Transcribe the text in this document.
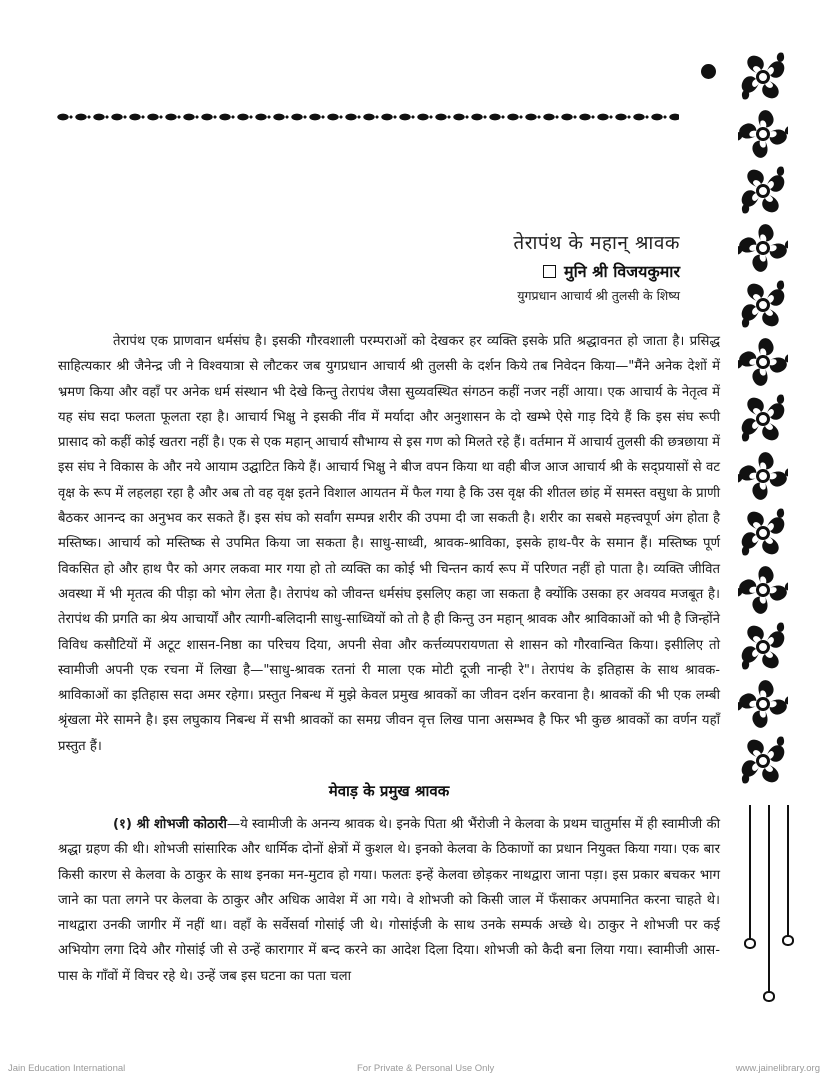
तेरापंथ के महान् श्रावक
मुनि श्री विजयकुमार
युगप्रधान आचार्य श्री तुलसी के शिष्य

तेरापंथ एक प्राणवान धर्मसंघ है। इसकी गौरवशाली परम्पराओं को देखकर हर व्यक्ति इसके प्रति श्रद्धावनत हो जाता है। प्रसिद्ध साहित्यकार श्री जैनेन्द्र जी ने विश्वयात्रा से लौटकर जब युगप्रधान आचार्य श्री तुलसी के दर्शन किये तब निवेदन किया—"मैंने अनेक देशों में भ्रमण किया और वहाँ पर अनेक धर्म संस्थान भी देखे किन्तु तेरापंथ जैसा सुव्यवस्थित संगठन कहीं नजर नहीं आया। एक आचार्य के नेतृत्व में यह संघ सदा फलता फूलता रहा है। आचार्य भिक्षु ने इसकी नींव में मर्यादा और अनुशासन के दो खम्भे ऐसे गाड़ दिये हैं कि इस संघ रूपी प्रासाद को कहीं कोई खतरा नहीं है। एक से एक महान् आचार्य सौभाग्य से इस गण को मिलते रहे हैं। वर्तमान में आचार्य तुलसी की छत्रछाया में इस संघ ने विकास के और नये आयाम उद्घाटित किये हैं। आचार्य भिक्षु ने बीज वपन किया था वही बीज आज आचार्य श्री के सद्प्रयासों से वट वृक्ष के रूप में लहलहा रहा है और अब तो वह वृक्ष इतने विशाल आयतन में फैल गया है कि उस वृक्ष की शीतल छांह में समस्त वसुधा के प्राणी बैठकर आनन्द का अनुभव कर सकते हैं। इस संघ को सर्वांग सम्पन्न शरीर की उपमा दी जा सकती है। शरीर का सबसे महत्त्वपूर्ण अंग होता है मस्तिष्क। आचार्य को मस्तिष्क से उपमित किया जा सकता है। साधु-साध्वी, श्रावक-श्राविका, इसके हाथ-पैर के समान हैं। मस्तिष्क पूर्ण विकसित हो और हाथ पैर को अगर लकवा मार गया हो तो व्यक्ति का कोई भी चिन्तन कार्य रूप में परिणत नहीं हो पाता है। व्यक्ति जीवित अवस्था में भी मृतत्व की पीड़ा को भोग लेता है। तेरापंथ को जीवन्त धर्मसंघ इसलिए कहा जा सकता है क्योंकि उसका हर अवयव मजबूत है। तेरापंथ की प्रगति का श्रेय आचार्यों और त्यागी-बलिदानी साधु-साध्वियों को तो है ही किन्तु उन महान् श्रावक और श्राविकाओं को भी है जिन्होंने विविध कसौटियों में अटूट शासन-निष्ठा का परिचय दिया, अपनी सेवा और कर्त्तव्यपरायणता से शासन को गौरवान्वित किया। इसीलिए तो स्वामीजी अपनी एक रचना में लिखा है—"साधु-श्रावक रतनां री माला एक मोटी दूजी नान्ही रे"। तेरापंथ के इतिहास के साथ श्रावक-श्राविकाओं का इतिहास सदा अमर रहेगा। प्रस्तुत निबन्ध में मुझे केवल प्रमुख श्रावकों का जीवन दर्शन करवाना है। श्रावकों की भी एक लम्बी श्रृंखला मेरे सामने है। इस लघुकाय निबन्ध में सभी श्रावकों का समग्र जीवन वृत्त लिख पाना असम्भव है फिर भी कुछ श्रावकों का वर्णन यहाँ प्रस्तुत हैं।

मेवाड़ के प्रमुख श्रावक

(१) श्री शोभजी कोठारी—ये स्वामीजी के अनन्य श्रावक थे। इनके पिता श्री भैंरोजी ने केलवा के प्रथम चातुर्मास में ही स्वामीजी की श्रद्धा ग्रहण की थी। शोभजी सांसारिक और धार्मिक दोनों क्षेत्रों में कुशल थे। इनको केलवा के ठिकाणों का प्रधान नियुक्त किया गया। एक बार किसी कारण से केलवा के ठाकुर के साथ इनका मन-मुटाव हो गया। फलतः इन्हें केलवा छोड़कर नाथद्वारा जाना पड़ा। इस प्रकार बचकर भाग जाने का पता लगने पर केलवा के ठाकुर और अधिक आवेश में आ गये। वे शोभजी को किसी जाल में फँसाकर अपमानित करना चाहते थे। नाथद्वारा उनकी जागीर में नहीं था। वहाँ के सर्वेसर्वा गोसांई जी थे। गोसांईजी के साथ उनके सम्पर्क अच्छे थे। ठाकुर ने शोभजी पर कई अभियोग लगा दिये और गोसांई जी से उन्हें कारागार में बन्द करने का आदेश दिला दिया। शोभजी को कैदी बना लिया गया। स्वामीजी आस-पास के गाँवों में विचर रहे थे। उन्हें जब इस घटना का पता चला

Jain Education International	For Private & Personal Use Only	www.jainelibrary.org
